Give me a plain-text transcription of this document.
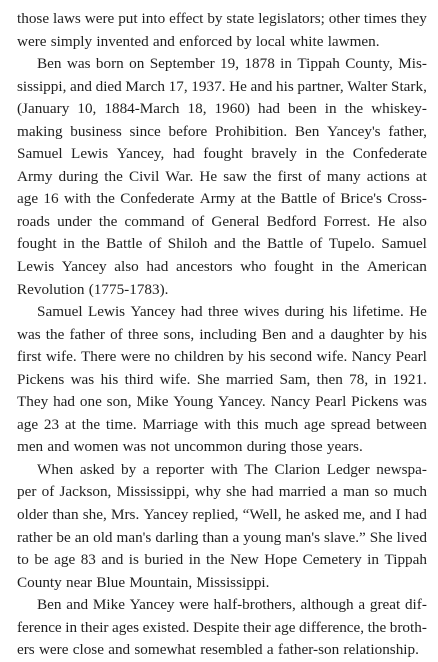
those laws were put into effect by state legislators; other times they
were simply invented and enforced by local white lawmen.
Ben was born on September 19, 1878 in Tippah County, Mis-
sissippi, and died March 17, 1937. He and his partner, Walter Stark,
(January 10, 1884-March 18, 1960) had been in the whiskey-
making business since before Prohibition. Ben Yancey's father,
Samuel Lewis Yancey, had fought bravely in the Confederate
Army during the Civil War. He saw the first of many actions at
age 16 with the Confederate Army at the Battle of Brice's Cross-
roads under the command of General Bedford Forrest. He also
fought in the Battle of Shiloh and the Battle of Tupelo. Samuel
Lewis Yancey also had ancestors who fought in the American
Revolution (1775-1783).
Samuel Lewis Yancey had three wives during his lifetime. He
was the father of three sons, including Ben and a daughter by his
first wife. There were no children by his second wife. Nancy Pearl
Pickens was his third wife. She married Sam, then 78, in 1921.
They had one son, Mike Young Yancey. Nancy Pearl Pickens was
age 23 at the time. Marriage with this much age spread between
men and women was not uncommon during those years.
When asked by a reporter with The Clarion Ledger newspa-
per of Jackson, Mississippi, why she had married a man so much
older than she, Mrs. Yancey replied, “Well, he asked me, and I had
rather be an old man's darling than a young man's slave.” She lived
to be age 83 and is buried in the New Hope Cemetery in Tippah
County near Blue Mountain, Mississippi.
Ben and Mike Yancey were half-brothers, although a great dif-
ference in their ages existed. Despite their age difference, the broth-
ers were close and somewhat resembled a father-son relationship.
